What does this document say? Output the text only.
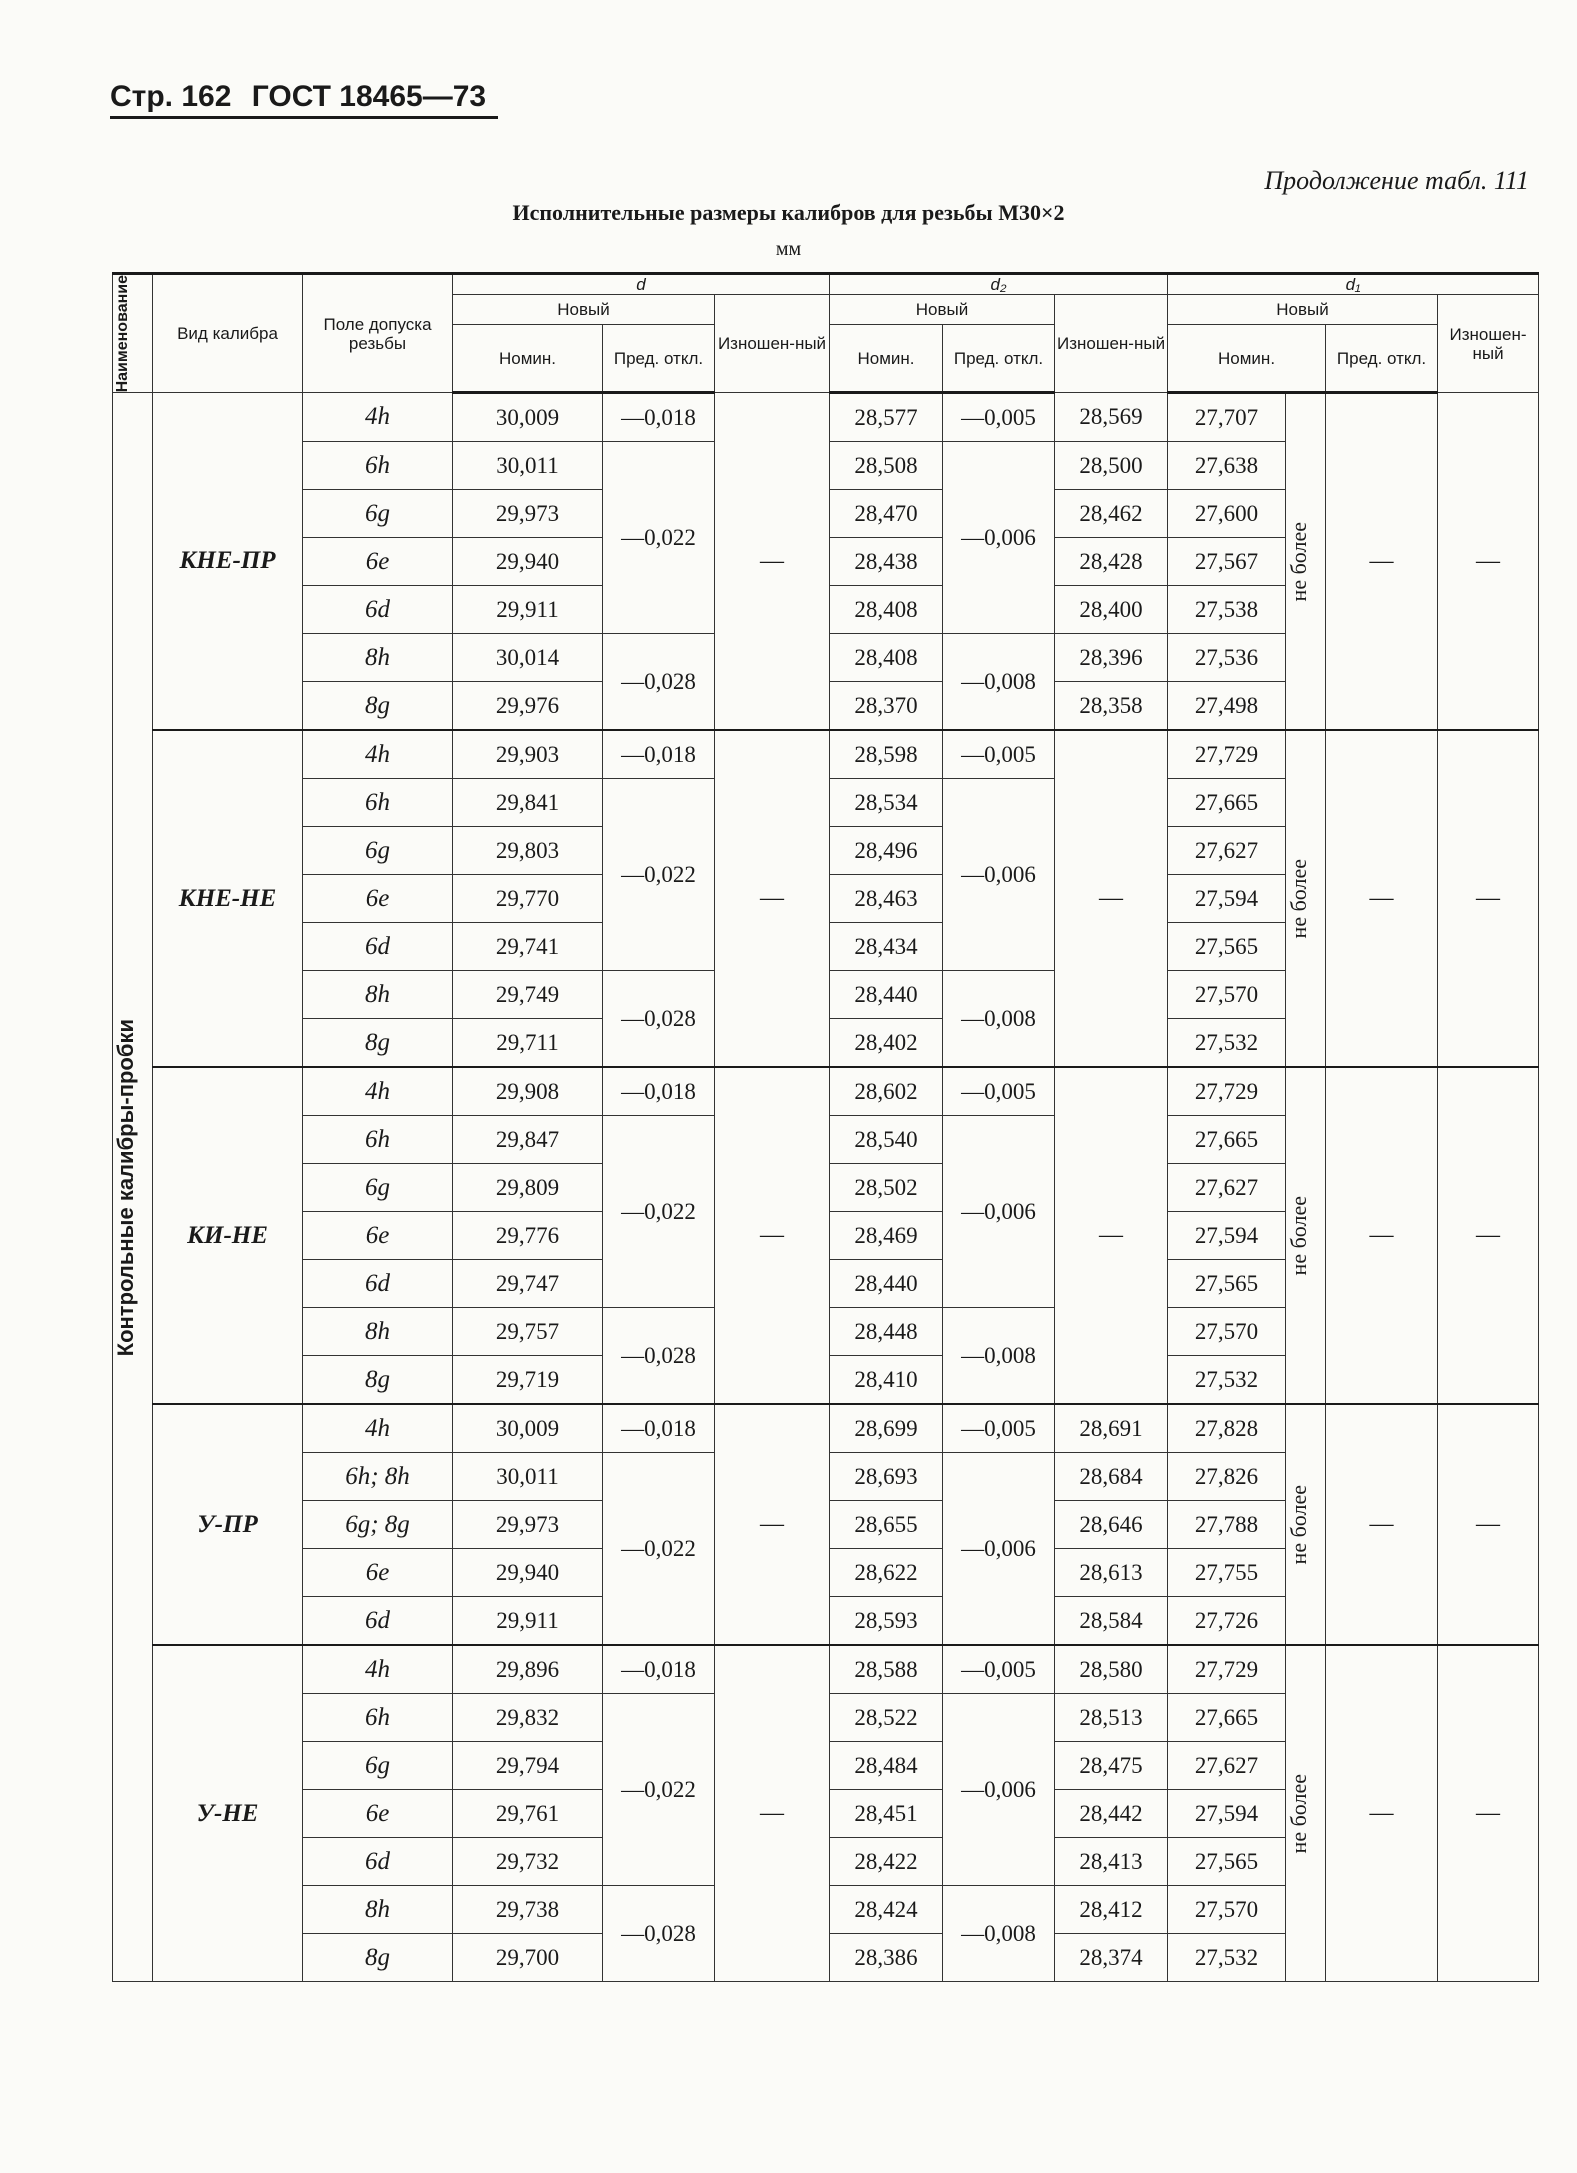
Стр. 162 ГОСТ 18465—73
Продолжение табл. 111
Исполнительные размеры калибров для резьбы М30×2
мм
Наименование	Вид калибра	Поле допуска резьбы	d			d₂			d₁			
			Новый		Изношен-ный	Новый		Изношен-ный	Новый			Изношен-ный
			Номин.	Пред. откл.		Номин.	Пред. откл.		Номин.		Пред. откл.	

Контрольные калибры-пробки	КНЕ-ПР	4h	30,009	—0,018	—	28,577	—0,005	28,569	27,707	не более	—	—
		6h	30,011	—0,022		28,508	—0,006	28,500	27,638			
		6g	29,973			28,470		28,462	27,600			
		6e	29,940			28,438		28,428	27,567			
		6d	29,911			28,408		28,400	27,538			
		8h	30,014	—0,028		28,408	—0,008	28,396	27,536			
		8g	29,976			28,370		28,358	27,498			
	КНЕ-НЕ	4h	29,903	—0,018	—	28,598	—0,005	—	27,729	не более	—	—
		6h	29,841	—0,022		28,534	—0,006		27,665			
		6g	29,803			28,496			27,627			
		6e	29,770			28,463			27,594			
		6d	29,741			28,434			27,565			
		8h	29,749	—0,028		28,440	—0,008		27,570			
		8g	29,711			28,402			27,532			
	КИ-НЕ	4h	29,908	—0,018	—	28,602	—0,005	—	27,729	не более	—	—
		6h	29,847	—0,022		28,540	—0,006		27,665			
		6g	29,809			28,502			27,627			
		6e	29,776			28,469			27,594			
		6d	29,747			28,440			27,565			
		8h	29,757	—0,028		28,448	—0,008		27,570			
		8g	29,719			28,410			27,532			
	У-ПР	4h	30,009	—0,018	—	28,699	—0,005	28,691	27,828	не более	—	—
		6h; 8h	30,011	—0,022		28,693	—0,006	28,684	27,826			
		6g; 8g	29,973			28,655		28,646	27,788			
		6e	29,940			28,622		28,613	27,755			
		6d	29,911			28,593		28,584	27,726			
	У-НЕ	4h	29,896	—0,018	—	28,588	—0,005	28,580	27,729	не более	—	—
		6h	29,832	—0,022		28,522	—0,006	28,513	27,665			
		6g	29,794			28,484		28,475	27,627			
		6e	29,761			28,451		28,442	27,594			
		6d	29,732			28,422		28,413	27,565			
		8h	29,738	—0,028		28,424	—0,008	28,412	27,570			
		8g	29,700			28,386		28,374	27,532			
